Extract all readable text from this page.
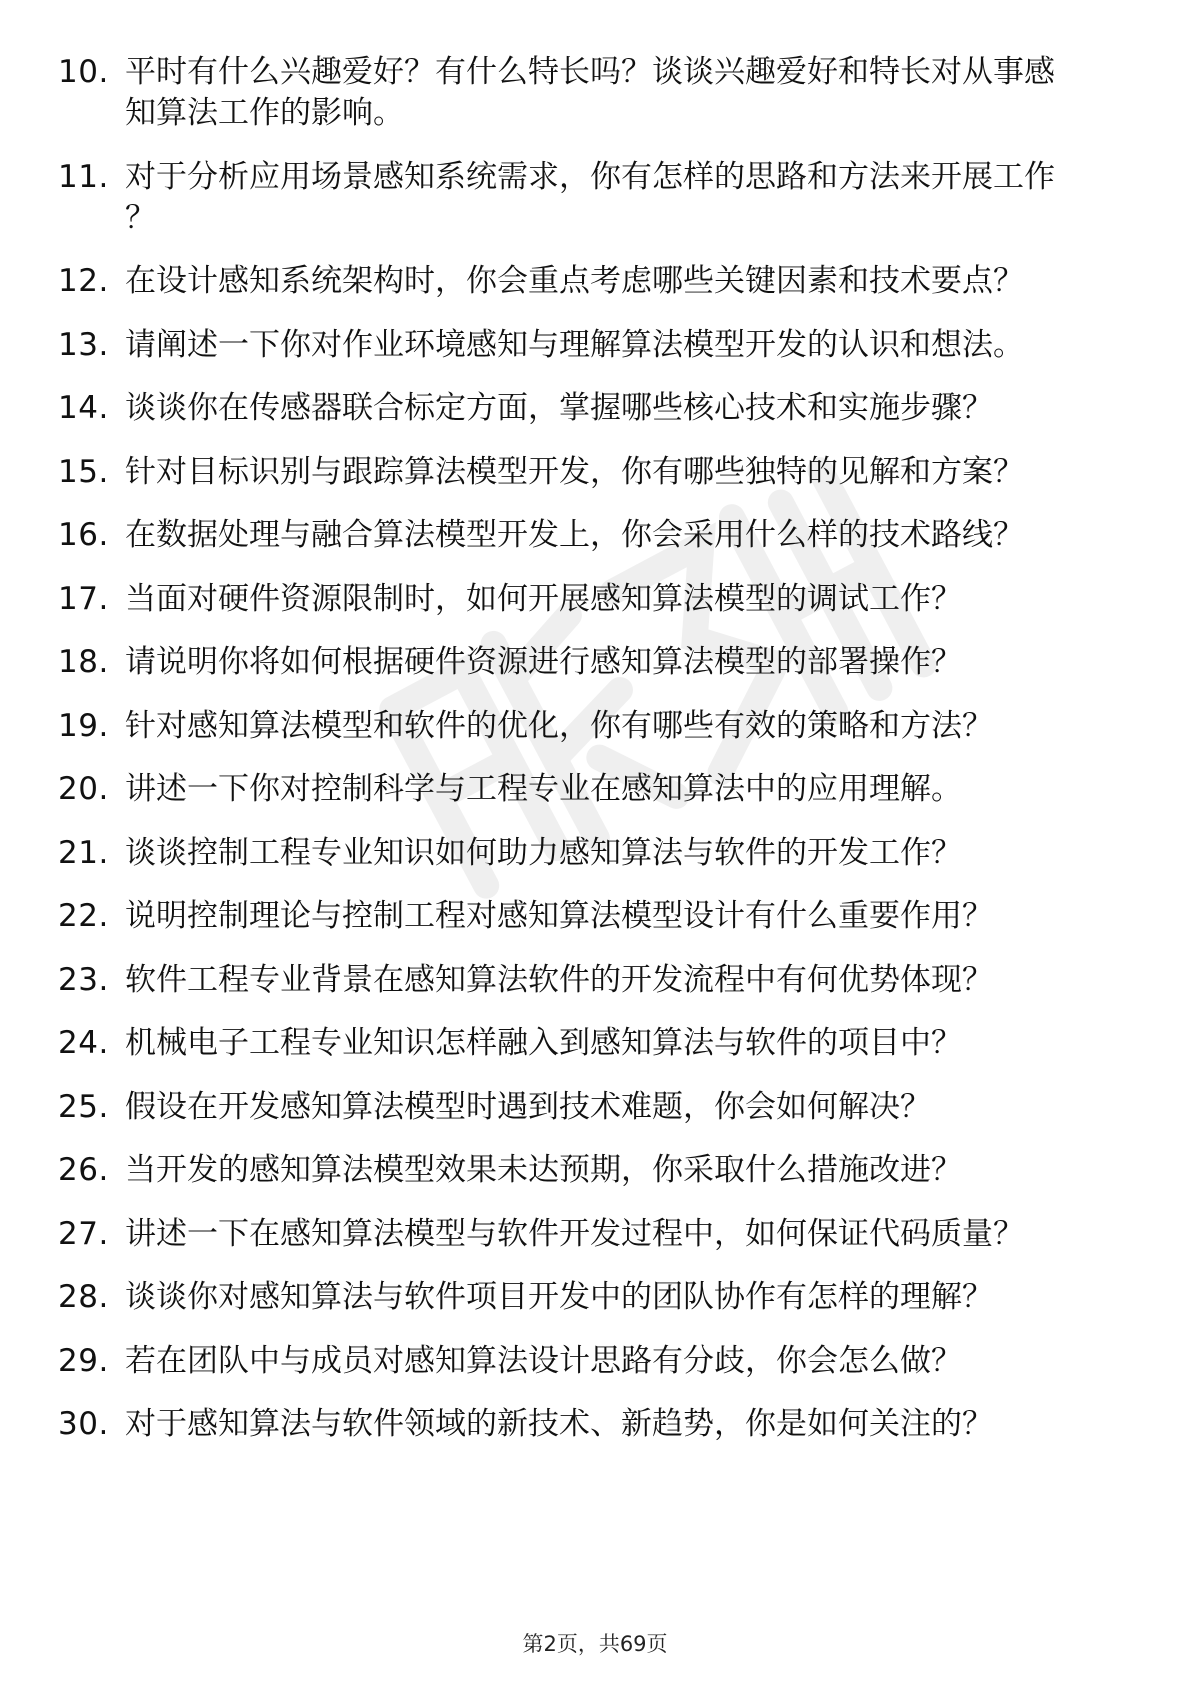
10. 平时有什么兴趣爱好？有什么特长吗？谈谈兴趣爱好和特长对从事感知算法工作的影响。
11. 对于分析应用场景感知系统需求，你有怎样的思路和方法来开展工作？
12. 在设计感知系统架构时，你会重点考虑哪些关键因素和技术要点？
13. 请阐述一下你对作业环境感知与理解算法模型开发的认识和想法。
14. 谈谈你在传感器联合标定方面，掌握哪些核心技术和实施步骤？
15. 针对目标识别与跟踪算法模型开发，你有哪些独特的见解和方案？
16. 在数据处理与融合算法模型开发上，你会采用什么样的技术路线？
17. 当面对硬件资源限制时，如何开展感知算法模型的调试工作？
18. 请说明你将如何根据硬件资源进行感知算法模型的部署操作？
19. 针对感知算法模型和软件的优化，你有哪些有效的策略和方法？
20. 讲述一下你对控制科学与工程专业在感知算法中的应用理解。
21. 谈谈控制工程专业知识如何助力感知算法与软件的开发工作？
22. 说明控制理论与控制工程对感知算法模型设计有什么重要作用？
23. 软件工程专业背景在感知算法软件的开发流程中有何优势体现？
24. 机械电子工程专业知识怎样融入到感知算法与软件的项目中？
25. 假设在开发感知算法模型时遇到技术难题，你会如何解决？
26. 当开发的感知算法模型效果未达预期，你采取什么措施改进？
27. 讲述一下在感知算法模型与软件开发过程中，如何保证代码质量？
28. 谈谈你对感知算法与软件项目开发中的团队协作有怎样的理解？
29. 若在团队中与成员对感知算法设计思路有分歧，你会怎么做？
30. 对于感知算法与软件领域的新技术、新趋势，你是如何关注的？
第2页，共69页
